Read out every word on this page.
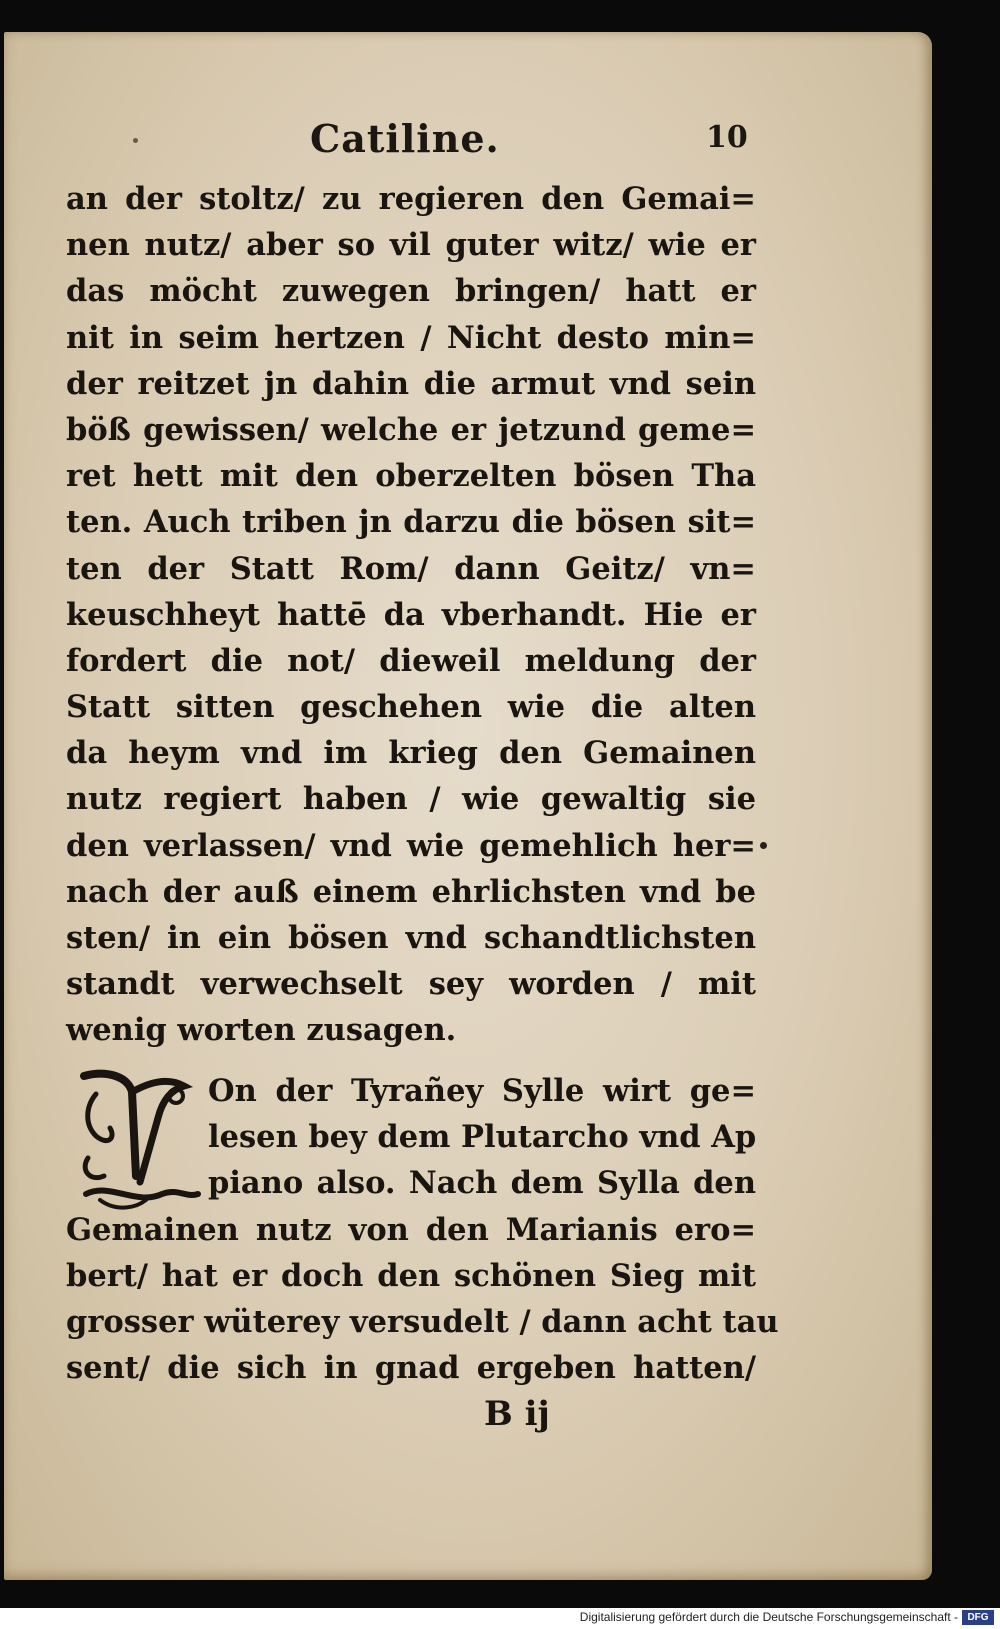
Catiline.	10
an der stoltz/ zu regieren den Gemai=
nen nutz/ aber so vil guter witz/ wie er
das möcht zuwegen bringen/ hatt er
nit in seim hertzen / Nicht desto min=
der reitzet jn dahin die armut vnd sein
böß gewissen/ welche er jetzund geme=
ret hett mit den oberzelten bösen Tha
ten. Auch triben jn darzu die bösen sit=
ten der Statt Rom/ dann Geitz/ vn=
keuschheyt hattē da vberhandt. Hie er
fordert die not/ dieweil meldung der
Statt sitten geschehen wie die alten
da heym vnd im krieg den Gemainen
nutz regiert haben / wie gewaltig sie
den verlassen/ vnd wie gemehlich her=
nach der auß einem ehrlichsten vnd be
sten/ in ein bösen vnd schandtlichsten
standt verwechselt sey worden / mit
wenig worten zusagen.
On der Tyrañey Sylle wirt ge=
lesen bey dem Plutarcho vnd Ap
piano also. Nach dem Sylla den
Gemainen nutz von den Marianis ero=
bert/ hat er doch den schönen Sieg mit
grosser wüterey versudelt / dann acht tau
sent/ die sich in gnad ergeben hatten/
B ij
Digitalisierung gefördert durch die Deutsche Forschungsgemeinschaft - DFG
